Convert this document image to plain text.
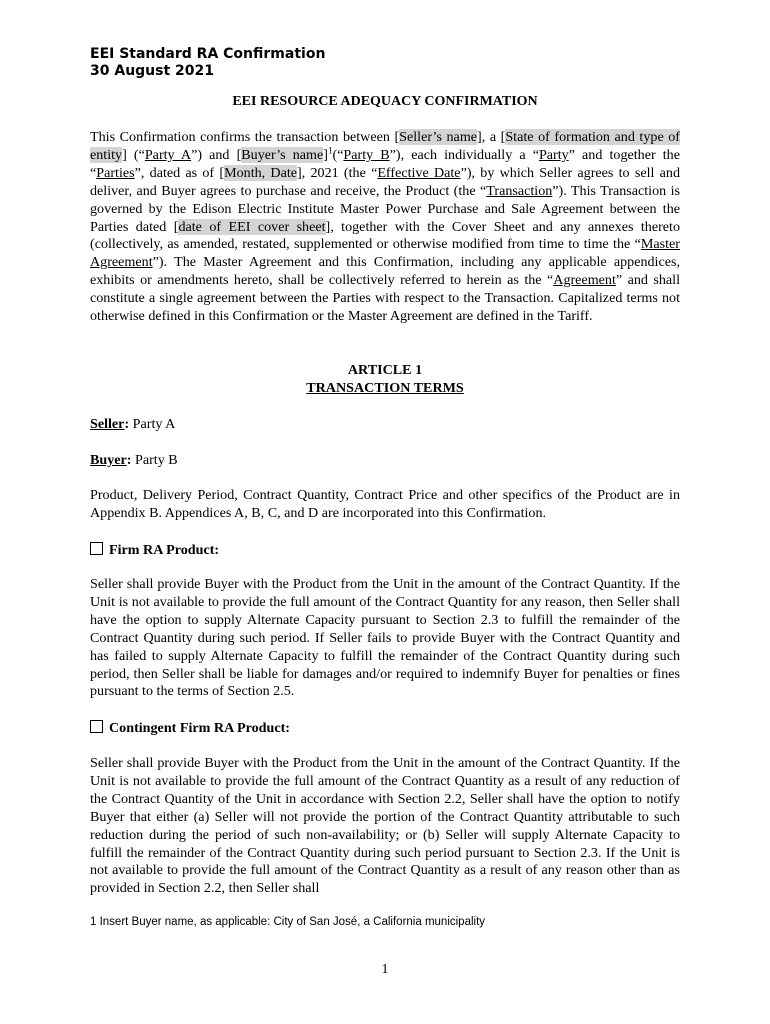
EEI Standard RA Confirmation
30 August 2021
EEI RESOURCE ADEQUACY CONFIRMATION
This Confirmation confirms the transaction between [Seller’s name], a [State of formation and type of entity] (“Party A”) and [Buyer’s name]$^1$(“Party B”), each individually a “Party” and together the “Parties”, dated as of [Month, Date], 2021 (the “Effective Date”), by which Seller agrees to sell and deliver, and Buyer agrees to purchase and receive, the Product (the “Transaction”). This Transaction is governed by the Edison Electric Institute Master Power Purchase and Sale Agreement between the Parties dated [date of EEI cover sheet], together with the Cover Sheet and any annexes thereto (collectively, as amended, restated, supplemented or otherwise modified from time to time the “Master Agreement”). The Master Agreement and this Confirmation, including any applicable appendices, exhibits or amendments hereto, shall be collectively referred to herein as the “Agreement” and shall constitute a single agreement between the Parties with respect to the Transaction. Capitalized terms not otherwise defined in this Confirmation or the Master Agreement are defined in the Tariff.
ARTICLE 1
TRANSACTION TERMS
Seller: Party A
Buyer: Party B
Product, Delivery Period, Contract Quantity, Contract Price and other specifics of the Product are in Appendix B. Appendices A, B, C, and D are incorporated into this Confirmation.
Firm RA Product:
Seller shall provide Buyer with the Product from the Unit in the amount of the Contract Quantity. If the Unit is not available to provide the full amount of the Contract Quantity for any reason, then Seller shall have the option to supply Alternate Capacity pursuant to Section 2.3 to fulfill the remainder of the Contract Quantity during such period. If Seller fails to provide Buyer with the Contract Quantity and has failed to supply Alternate Capacity to fulfill the remainder of the Contract Quantity during such period, then Seller shall be liable for damages and/or required to indemnify Buyer for penalties or fines pursuant to the terms of Section 2.5.
Contingent Firm RA Product:
Seller shall provide Buyer with the Product from the Unit in the amount of the Contract Quantity. If the Unit is not available to provide the full amount of the Contract Quantity as a result of any reduction of the Contract Quantity of the Unit in accordance with Section 2.2, Seller shall have the option to notify Buyer that either (a) Seller will not provide the portion of the Contract Quantity attributable to such reduction during the period of such non-availability; or (b) Seller will supply Alternate Capacity to fulfill the remainder of the Contract Quantity during such period pursuant to Section 2.3. If the Unit is not available to provide the full amount of the Contract Quantity as a result of any reason other than as provided in Section 2.2, then Seller shall
1 Insert Buyer name, as applicable: City of San José, a California municipality
1
